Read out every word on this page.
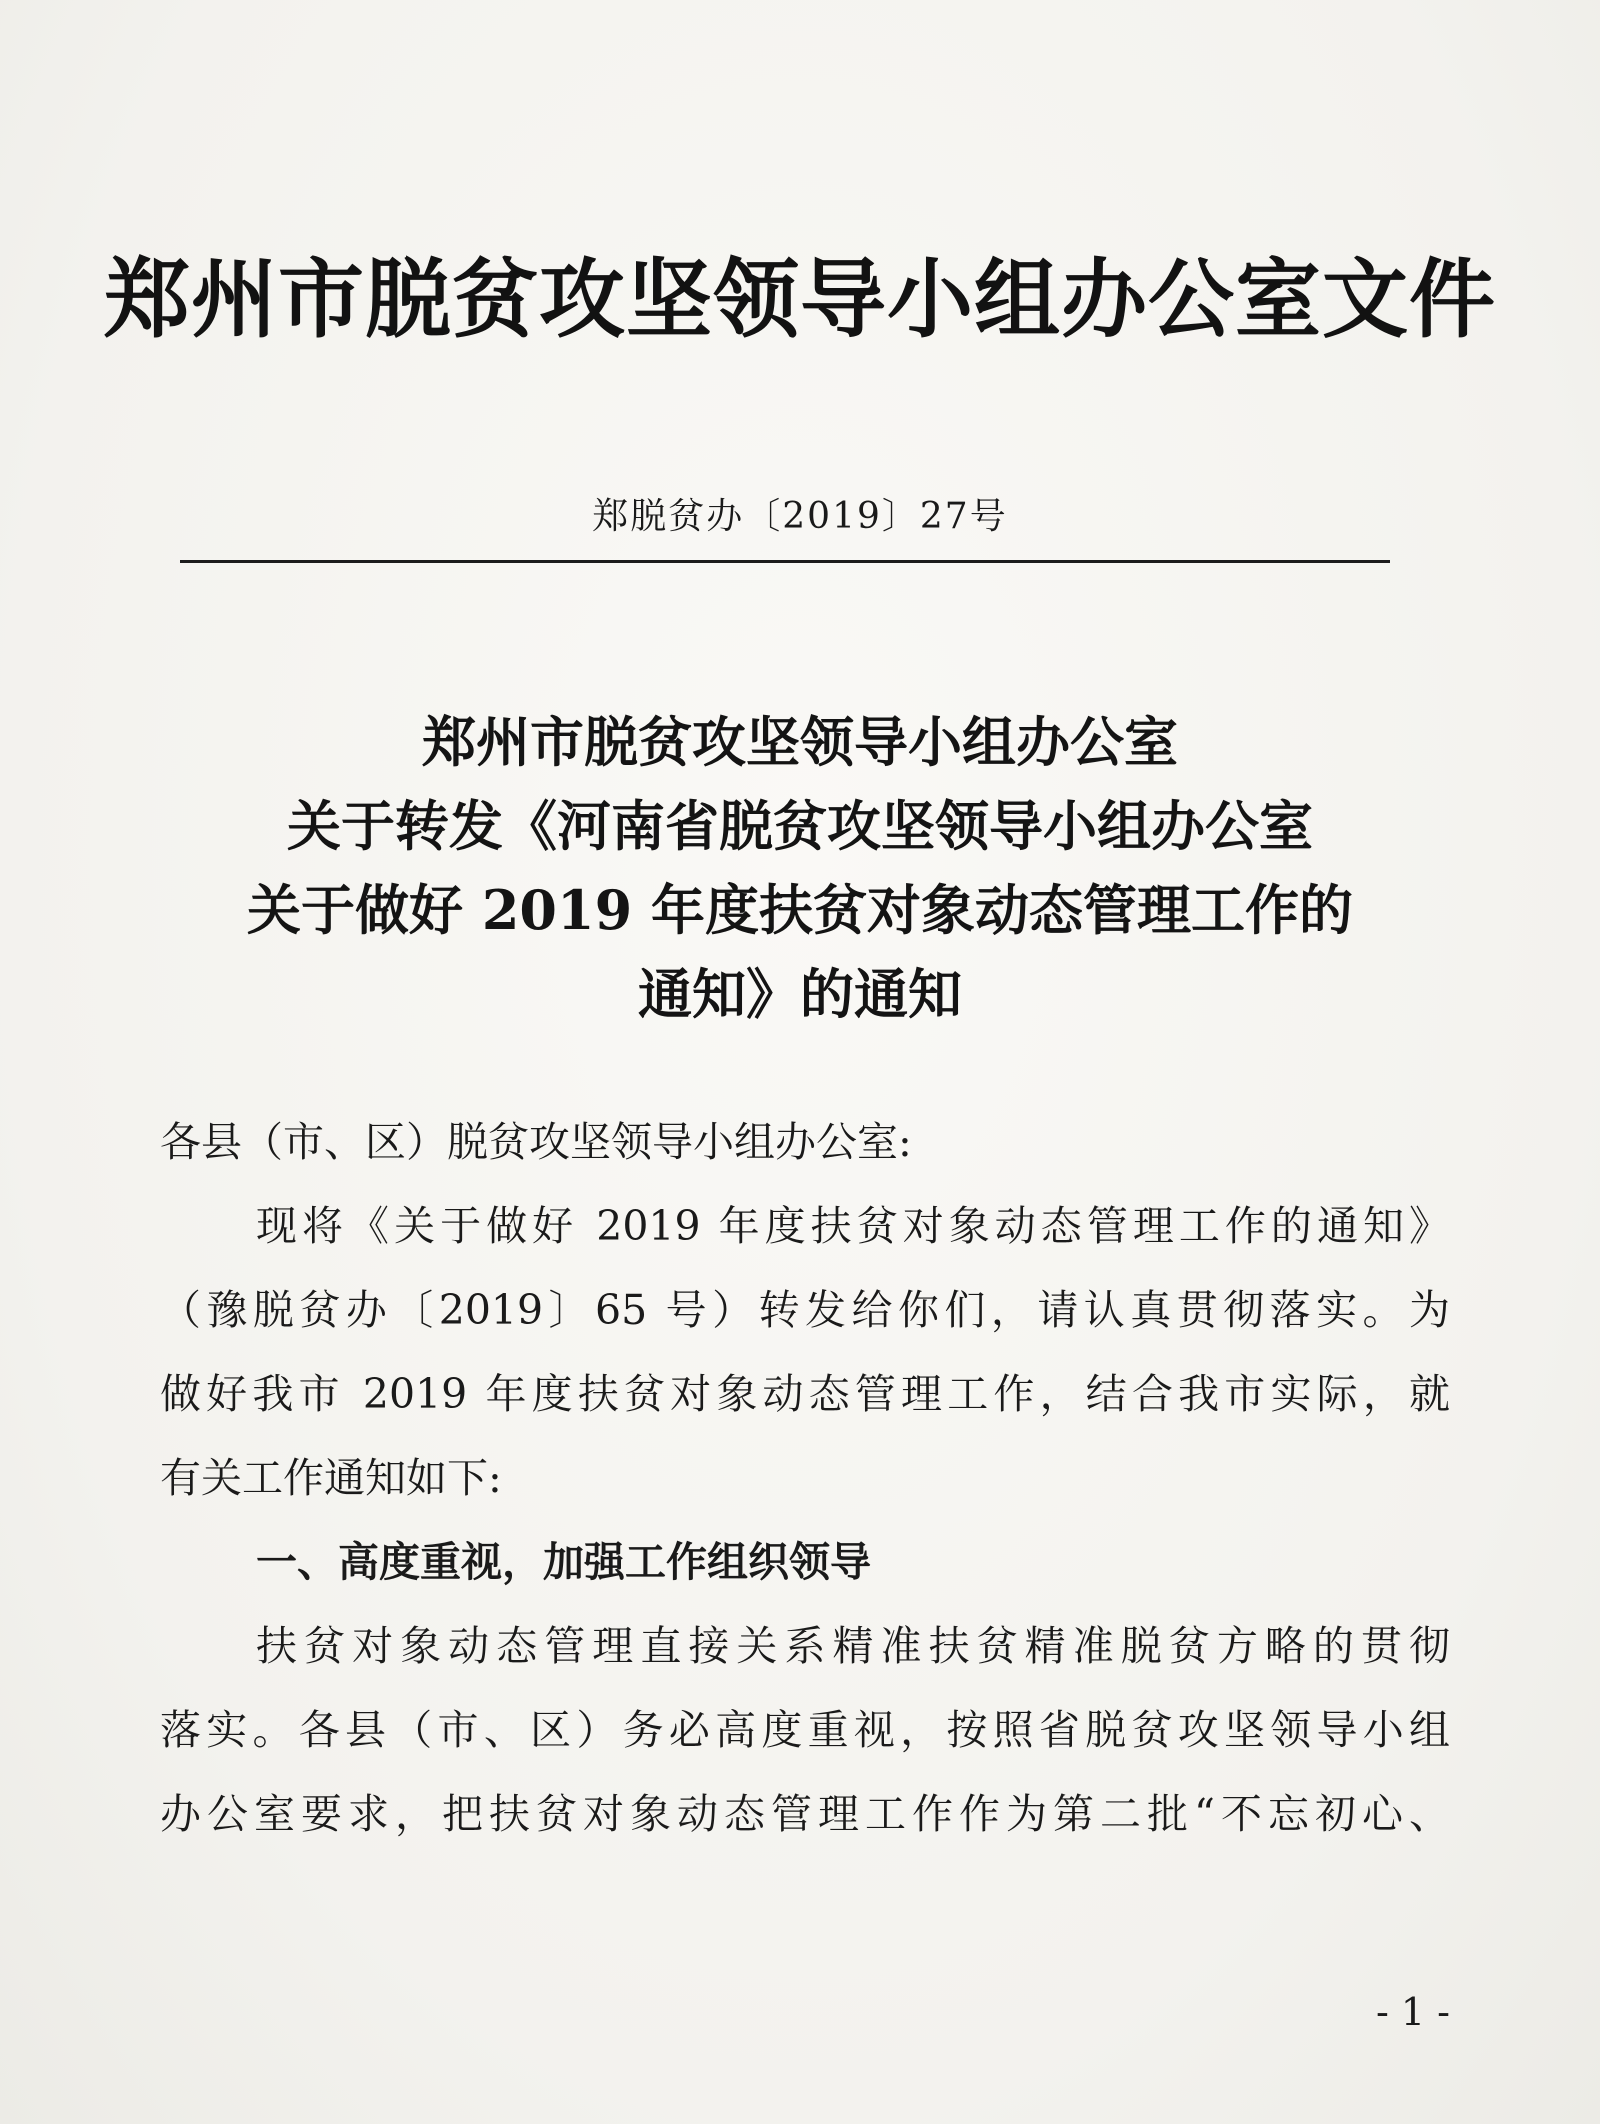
郑州市脱贫攻坚领导小组办公室文件
郑脱贫办〔2019〕27号
郑州市脱贫攻坚领导小组办公室
关于转发《河南省脱贫攻坚领导小组办公室
关于做好 2019 年度扶贫对象动态管理工作的
通知》的通知
各县（市、区）脱贫攻坚领导小组办公室:
现将《关于做好 2019 年度扶贫对象动态管理工作的通知》
（豫脱贫办〔2019〕65 号）转发给你们，请认真贯彻落实。为
做好我市 2019 年度扶贫对象动态管理工作，结合我市实际，就
有关工作通知如下:
一、高度重视，加强工作组织领导
扶贫对象动态管理直接关系精准扶贫精准脱贫方略的贯彻
落实。各县（市、区）务必高度重视，按照省脱贫攻坚领导小组
办公室要求，把扶贫对象动态管理工作作为第二批“不忘初心、
- 1 -
